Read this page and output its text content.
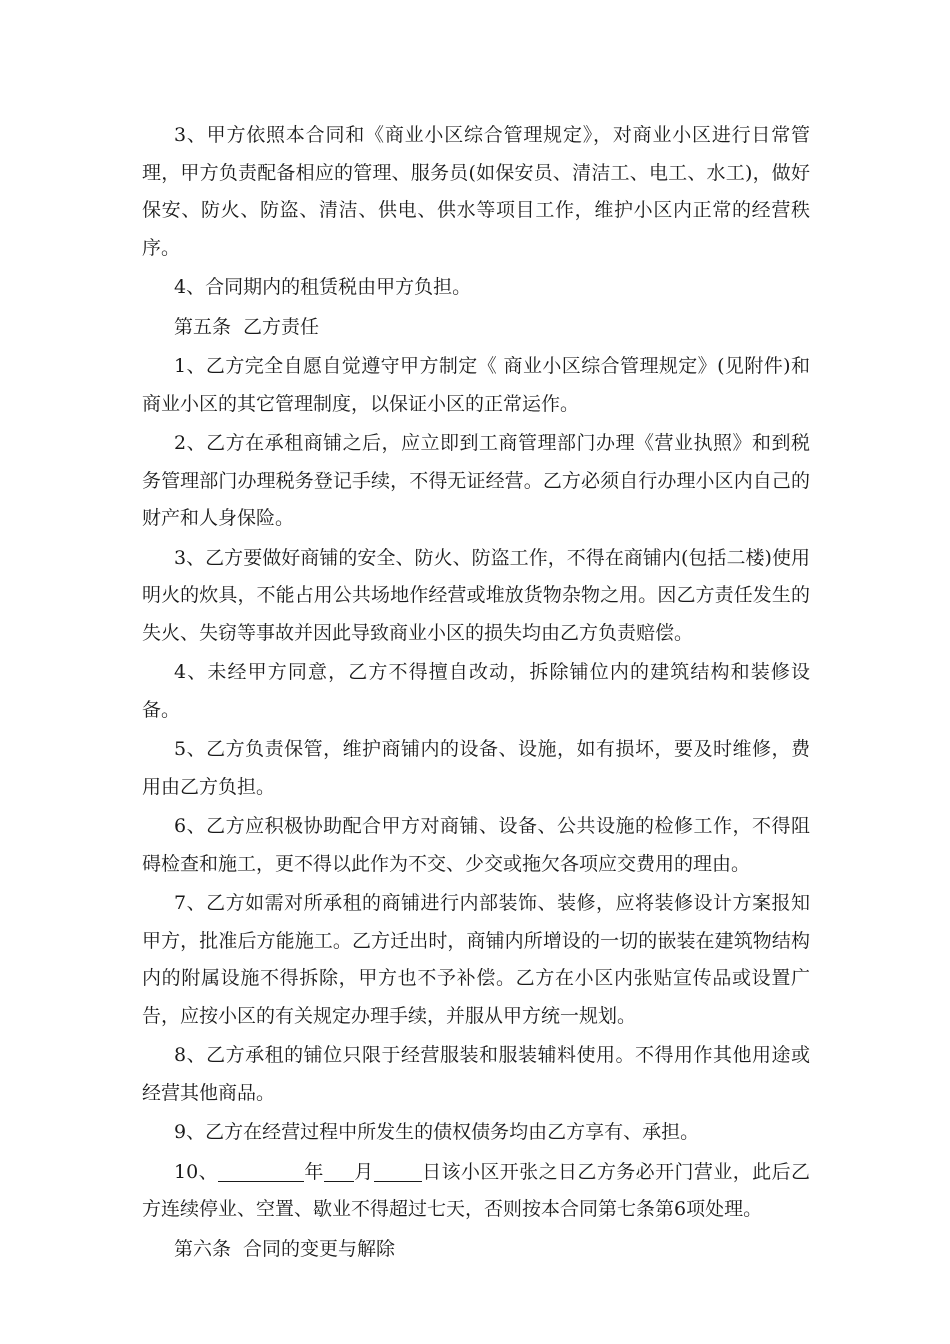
3、甲方依照本合同和《商业小区综合管理规定》，对商业小区进行日常管理，甲方负责配备相应的管理、服务员(如保安员、清洁工、电工、水工)，做好保安、防火、防盗、清洁、供电、供水等项目工作，维护小区内正常的经营秩序。

4、合同期内的租赁税由甲方负担。

第五条 乙方责任

1、乙方完全自愿自觉遵守甲方制定《 商业小区综合管理规定》(见附件)和商业小区的其它管理制度，以保证小区的正常运作。

2、乙方在承租商铺之后，应立即到工商管理部门办理《营业执照》和到税务管理部门办理税务登记手续，不得无证经营。乙方必须自行办理小区内自己的财产和人身保险。

3、乙方要做好商铺的安全、防火、防盗工作，不得在商铺内(包括二楼)使用明火的炊具，不能占用公共场地作经营或堆放货物杂物之用。因乙方责任发生的失火、失窃等事故并因此导致商业小区的损失均由乙方负责赔偿。

4、未经甲方同意，乙方不得擅自改动，拆除铺位内的建筑结构和装修设备。

5、乙方负责保管，维护商铺内的设备、设施，如有损坏，要及时维修，费用由乙方负担。

6、乙方应积极协助配合甲方对商铺、设备、公共设施的检修工作，不得阻碍检查和施工，更不得以此作为不交、少交或拖欠各项应交费用的理由。

7、乙方如需对所承租的商铺进行内部装饰、装修，应将装修设计方案报知甲方，批准后方能施工。乙方迁出时，商铺内所增设的一切的嵌装在建筑物结构内的附属设施不得拆除，甲方也不予补偿。乙方在小区内张贴宣传品或设置广告，应按小区的有关规定办理手续，并服从甲方统一规划。

8、乙方承租的铺位只限于经营服装和服装辅料使用。不得用作其他用途或经营其他商品。

9、乙方在经营过程中所发生的债权债务均由乙方享有、承担。

10、	年 月	日该小区开张之日乙方务必开门营业，此后乙方连续停业、空置、歇业不得超过七天，否则按本合同第七条第6项处理。

第六条 合同的变更与解除
